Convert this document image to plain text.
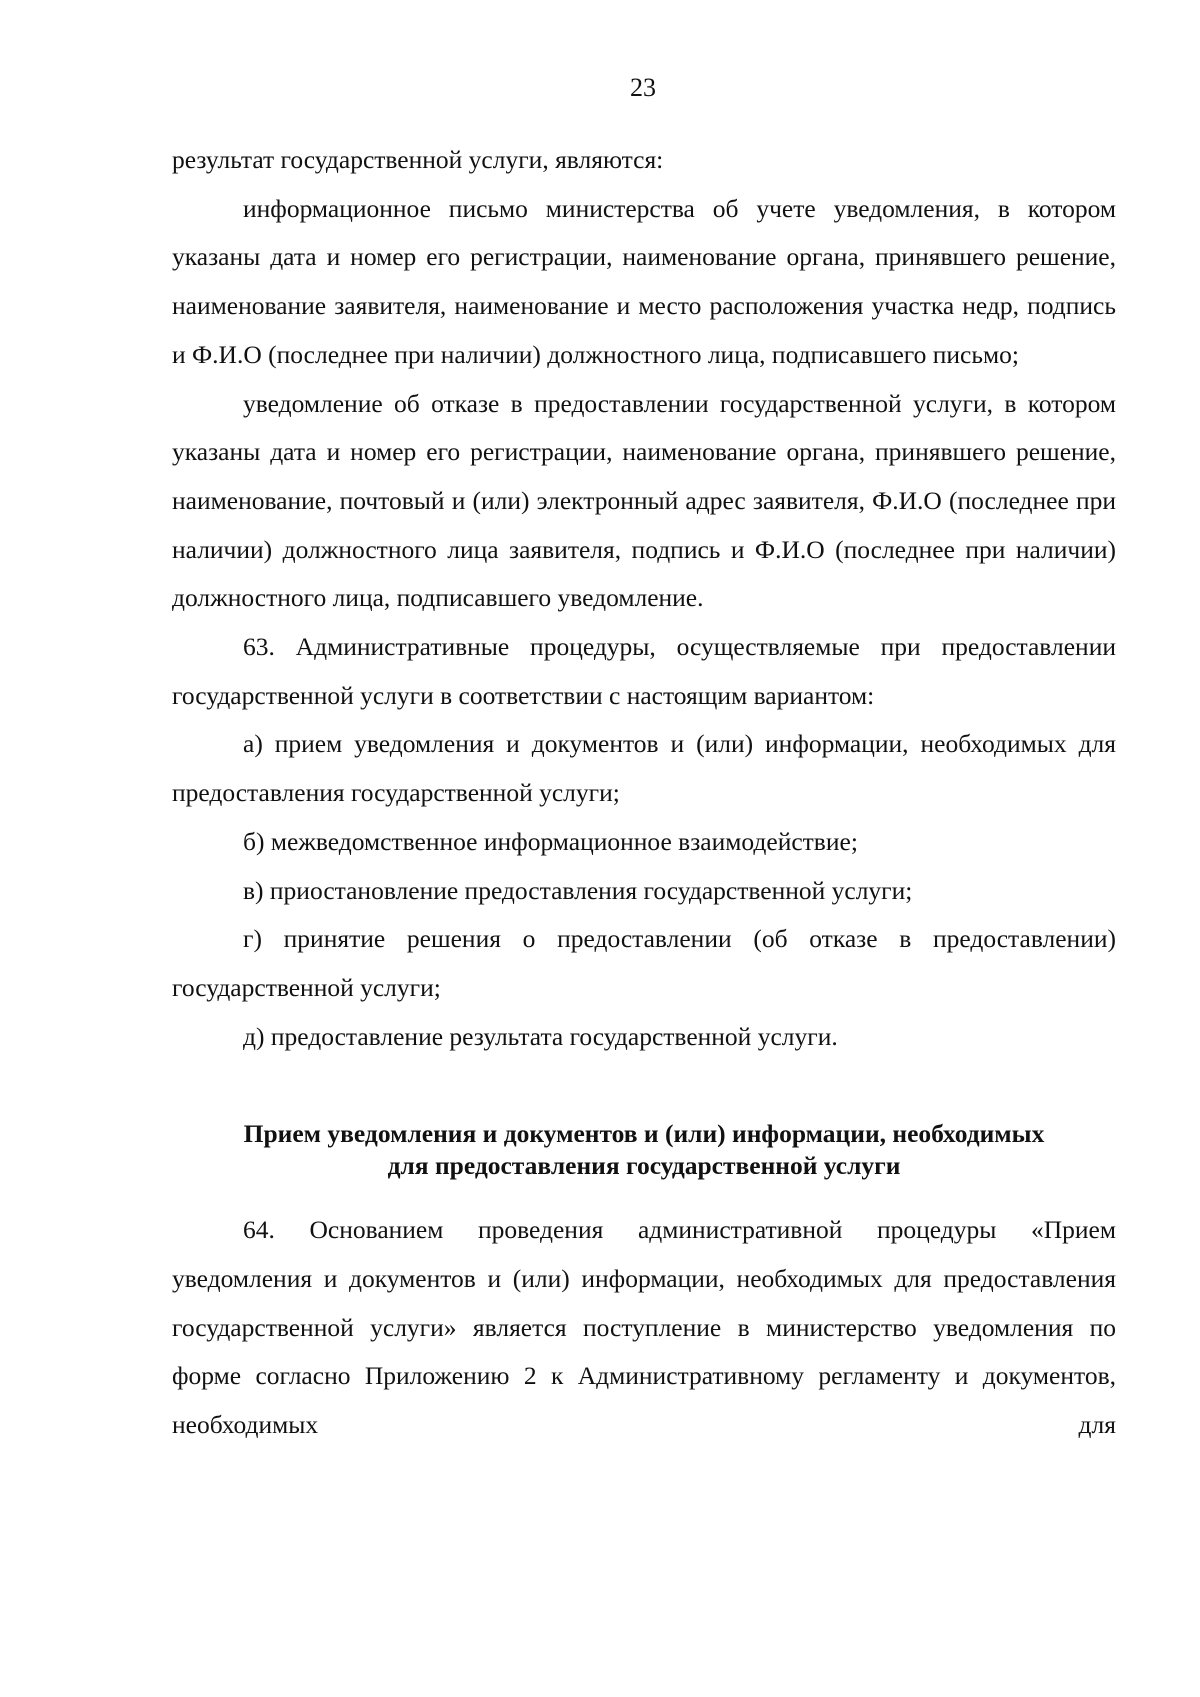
23

результат государственной услуги, являются:

информационное письмо министерства об учете уведомления, в котором указаны дата и номер его регистрации, наименование органа, принявшего решение, наименование заявителя, наименование и место расположения участка недр, подпись и Ф.И.О (последнее при наличии) должностного лица, подписавшего письмо;

уведомление об отказе в предоставлении государственной услуги, в котором указаны дата и номер его регистрации, наименование органа, принявшего решение, наименование, почтовый и (или) электронный адрес заявителя, Ф.И.О (последнее при наличии) должностного лица заявителя, подпись и Ф.И.О (последнее при наличии) должностного лица, подписавшего уведомление.

63. Административные процедуры, осуществляемые при предоставлении государственной услуги в соответствии с настоящим вариантом:

а) прием уведомления и документов и (или) информации, необходимых для предоставления государственной услуги;

б) межведомственное информационное взаимодействие;

в) приостановление предоставления государственной услуги;

г) принятие решения о предоставлении (об отказе в предоставлении) государственной услуги;

д) предоставление результата государственной услуги.

Прием уведомления и документов и (или) информации, необходимых
для предоставления государственной услуги

64. Основанием проведения административной процедуры «Прием уведомления и документов и (или) информации, необходимых для предоставления государственной услуги» является поступление в министерство уведомления по форме согласно Приложению 2 к Административному регламенту и документов, необходимых для
